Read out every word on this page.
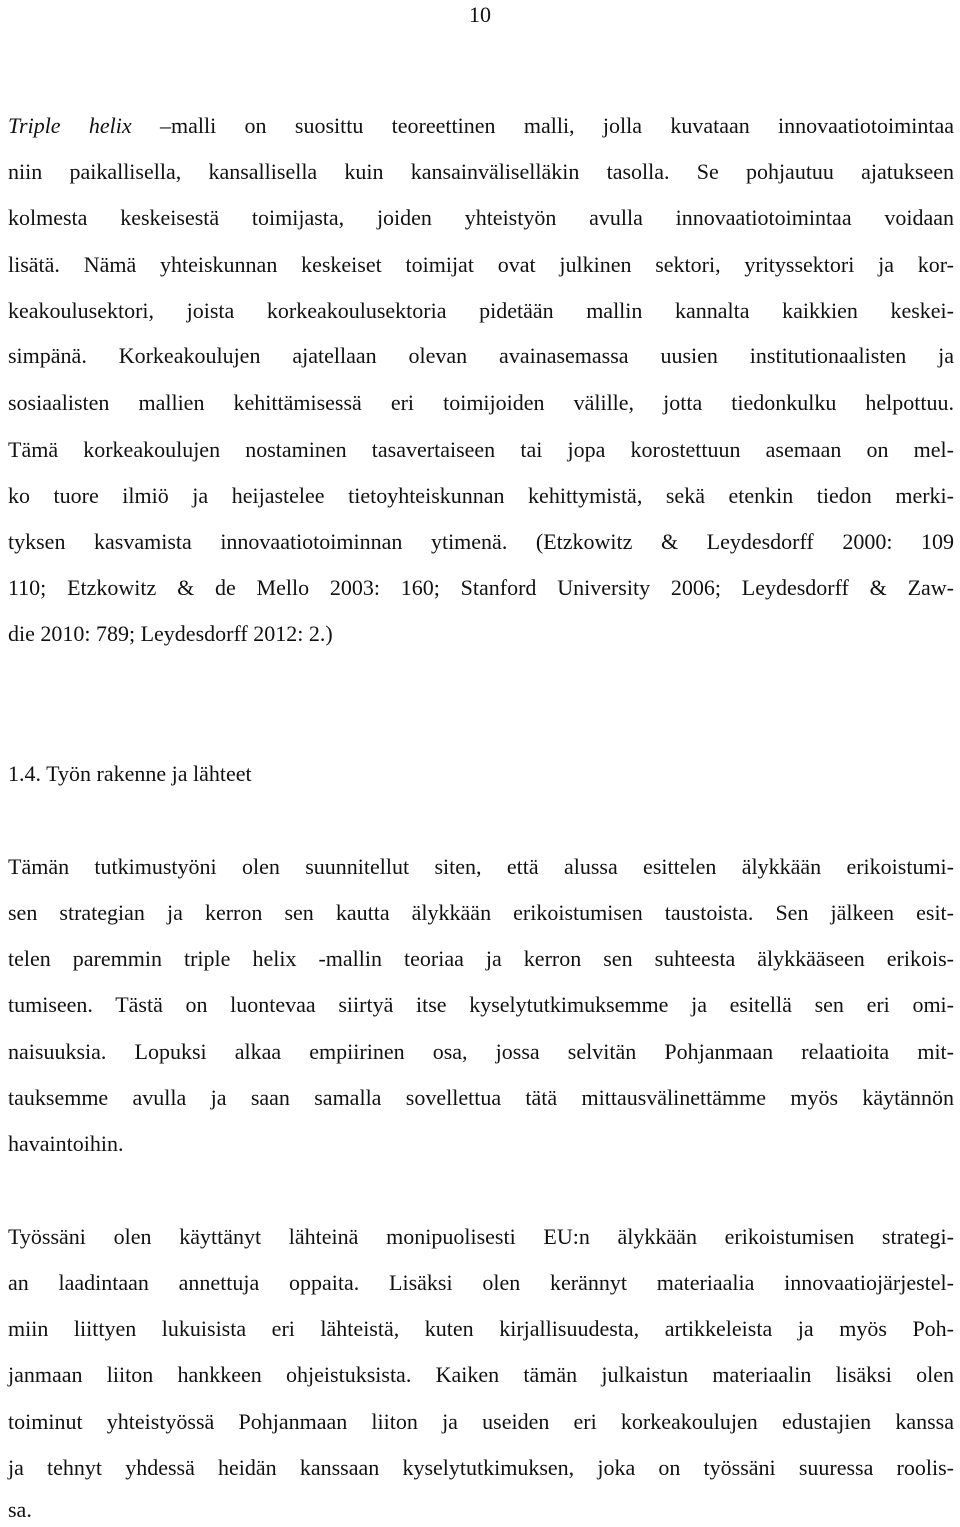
10
Triple helix –malli on suosittu teoreettinen malli, jolla kuvataan innovaatiotoimintaa
niin paikallisella, kansallisella kuin kansainväliselläkin tasolla. Se pohjautuu ajatukseen
kolmesta keskeisestä toimijasta, joiden yhteistyön avulla innovaatiotoimintaa voidaan
lisätä. Nämä yhteiskunnan keskeiset toimijat ovat julkinen sektori, yrityssektori ja kor-
keakoulusektori, joista korkeakoulusektoria pidetään mallin kannalta kaikkien keskei-
simpänä. Korkeakoulujen ajatellaan olevan avainasemassa uusien institutionaalisten ja
sosiaalisten mallien kehittämisessä eri toimijoiden välille, jotta tiedonkulku helpottuu.
Tämä korkeakoulujen nostaminen tasavertaiseen tai jopa korostettuun asemaan on mel-
ko tuore ilmiö ja heijastelee tietoyhteiskunnan kehittymistä, sekä etenkin tiedon merki-
tyksen kasvamista innovaatiotoiminnan ytimenä. (Etzkowitz & Leydesdorff 2000: 109
110; Etzkowitz & de Mello 2003: 160; Stanford University 2006; Leydesdorff & Zaw-
die 2010: 789; Leydesdorff 2012: 2.)
1.4. Työn rakenne ja lähteet
Tämän tutkimustyöni olen suunnitellut siten, että alussa esittelen älykkään erikoistumi-
sen strategian ja kerron sen kautta älykkään erikoistumisen taustoista. Sen jälkeen esit-
telen paremmin triple helix -mallin teoriaa ja kerron sen suhteesta älykkääseen erikois-
tumiseen. Tästä on luontevaa siirtyä itse kyselytutkimuksemme ja esitellä sen eri omi-
naisuuksia. Lopuksi alkaa empiirinen osa, jossa selvitän Pohjanmaan relaatioita mit-
tauksemme avulla ja saan samalla sovellettua tätä mittausvälinettämme myös käytännön
havaintoihin.
Työssäni olen käyttänyt lähteinä monipuolisesti EU:n älykkään erikoistumisen strategi-
an laadintaan annettuja oppaita. Lisäksi olen kerännyt materiaalia innovaatiojärjestel-
miin liittyen lukuisista eri lähteistä, kuten kirjallisuudesta, artikkeleista ja myös Poh-
janmaan liiton hankkeen ohjeistuksista. Kaiken tämän julkaistun materiaalin lisäksi olen
toiminut yhteistyössä Pohjanmaan liiton ja useiden eri korkeakoulujen edustajien kanssa
ja tehnyt yhdessä heidän kanssaan kyselytutkimuksen, joka on työssäni suuressa roolis-
sa.
